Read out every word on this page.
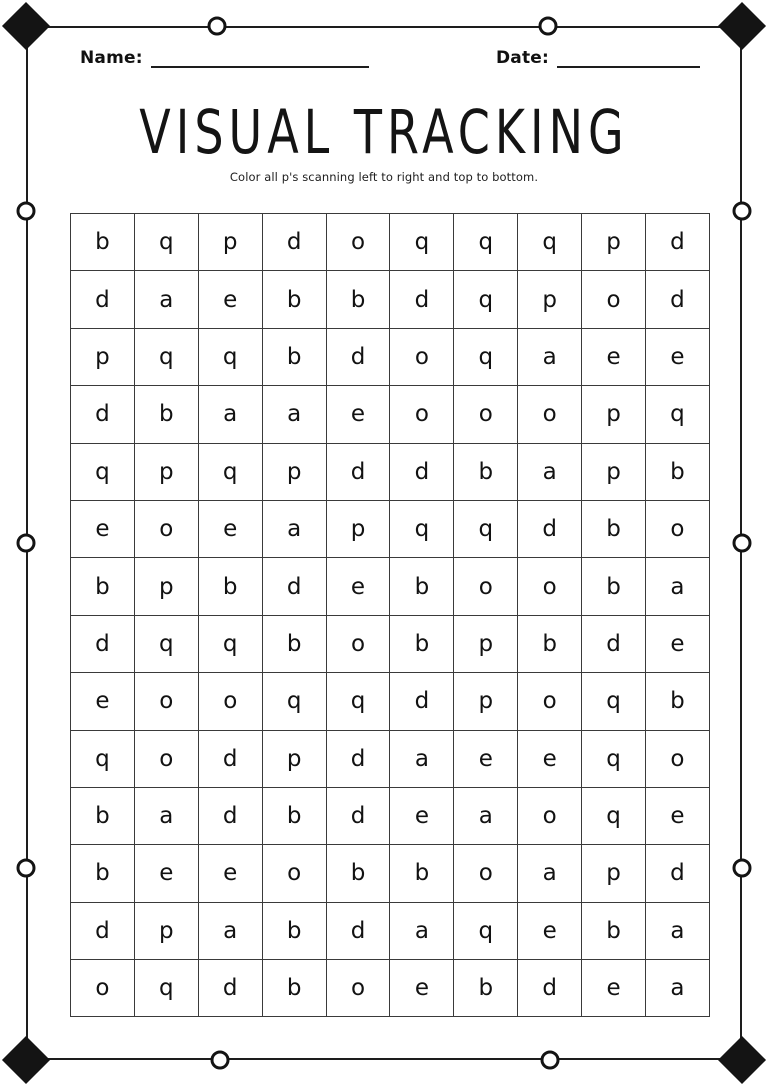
Name:	Date:
VISUAL TRACKING
Color all p's scanning left to right and top to bottom.
b	q	p	d	o	q	q	q	p	d
d	a	e	b	b	d	q	p	o	d
p	q	q	b	d	o	q	a	e	e
d	b	a	a	e	o	o	o	p	q
q	p	q	p	d	d	b	a	p	b
e	o	e	a	p	q	q	d	b	o
b	p	b	d	e	b	o	o	b	a
d	q	q	b	o	b	p	b	d	e
e	o	o	q	q	d	p	o	q	b
q	o	d	p	d	a	e	e	q	o
b	a	d	b	d	e	a	o	q	e
b	e	e	o	b	b	o	a	p	d
d	p	a	b	d	a	q	e	b	a
o	q	d	b	o	e	b	d	e	a
